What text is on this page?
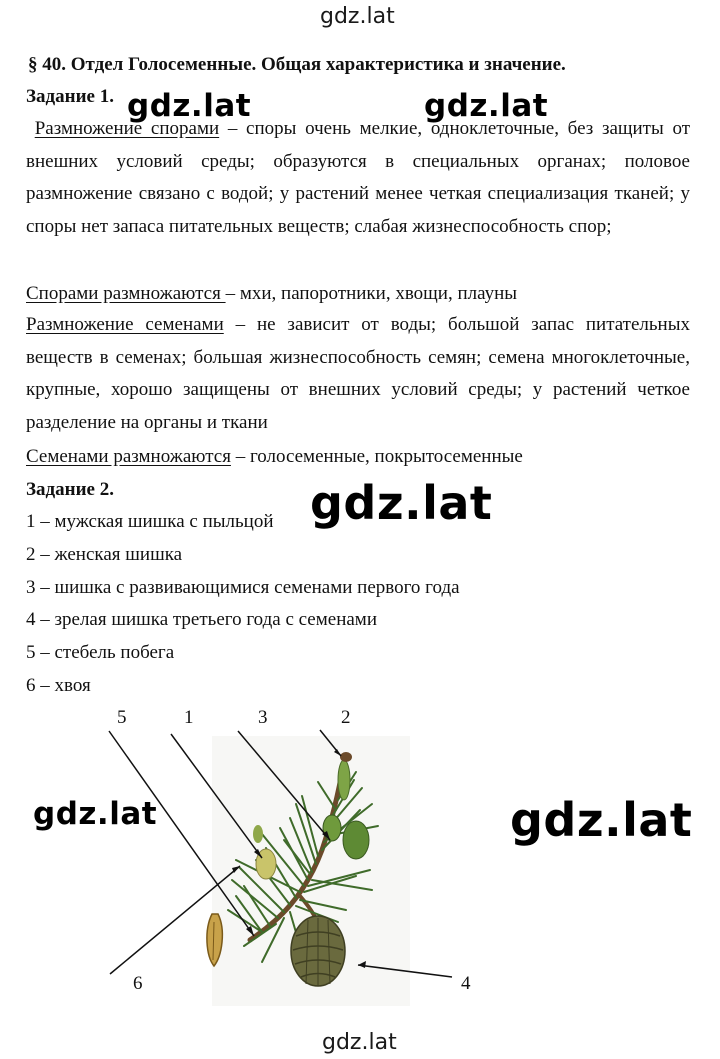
gdz.lat
gdz.lat	gdz.lat
gdz.lat
gdz.lat	gdz.lat
gdz.lat
§ 40. Отдел Голосеменные. Общая характеристика и значение.
Задание 1.
Размножение спорами – споры очень мелкие, одноклеточные, без защиты от внешних условий среды; образуются в специальных органах; половое размножение связано с водой; у растений менее четкая специализация тканей; у споры нет запаса питательных веществ; слабая жизнеспособность спор;
Спорами размножаются – мхи, папоротники, хвощи, плауны
Размножение семенами – не зависит от воды; большой запас питательных веществ в семенах; большая жизнеспособность семян; семена многоклеточные, крупные, хорошо защищены от внешних условий среды; у растений четкое разделение на органы и ткани
Семенами размножаются – голосеменные, покрытосеменные
Задание 2.
1 – мужская шишка с пыльцой
2 – женская шишка
3 – шишка с развивающимися семенами первого года
4 – зрелая шишка третьего года с семенами
5 – стебель побега
6 – хвоя
5	1	3	2
6	4
